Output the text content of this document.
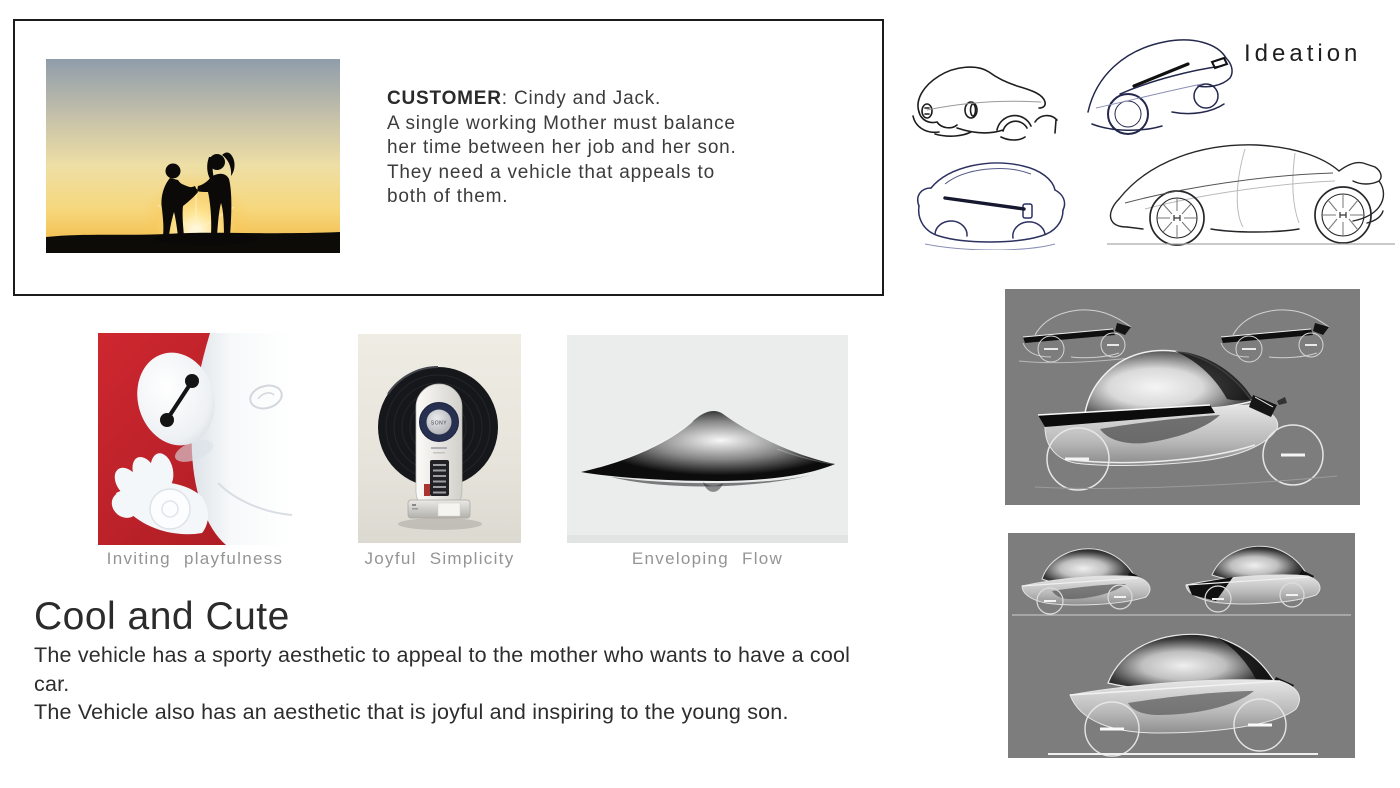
CUSTOMER: Cindy and Jack.

A single working Mother must balance

her time between her job and her son.

They need a vehicle that appeals to

both of them.

Ideation
SONY
Inviting playfulness	Joyful Simplicity	Enveloping Flow
Cool and Cute

The vehicle has a sporty aesthetic to appeal to the mother who wants to have a cool car.

The Vehicle also has an aesthetic that is joyful and inspiring to the young son.
